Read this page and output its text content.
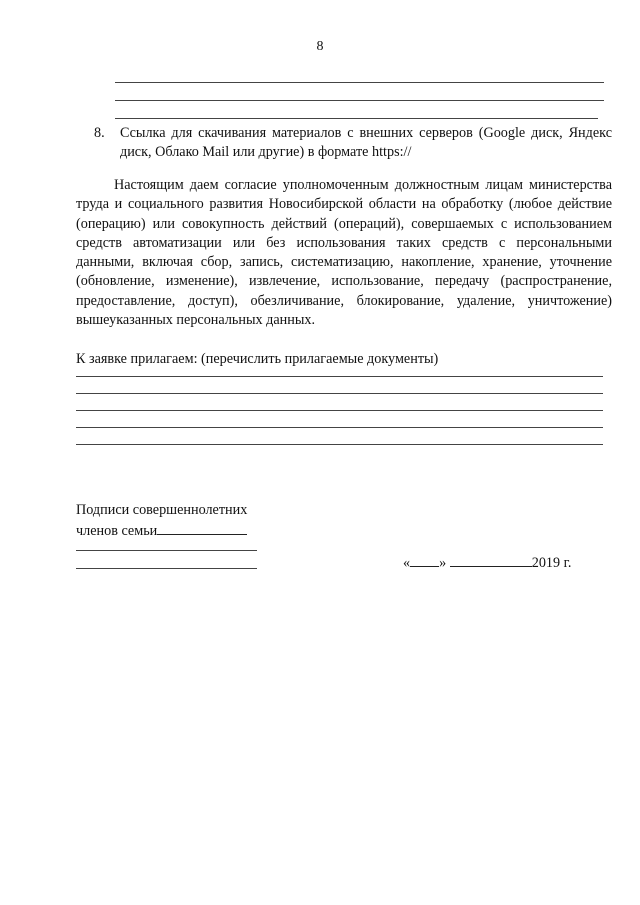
8
8. Ссылка для скачивания материалов с внешних серверов (Google диск, Яндекс диск, Облако Mail или другие) в формате https://
Настоящим даем согласие уполномоченным должностным лицам министерства труда и социального развития Новосибирской области на обработку (любое действие (операцию) или совокупность действий (операций), совершаемых с использованием средств автоматизации или без использования таких средств с персональными данными, включая сбор, запись, систематизацию, накопление, хранение, уточнение (обновление, изменение), извлечение, использование, передачу (распространение, предоставление, доступ), обезличивание, блокирование, удаление, уничтожение) вышеуказанных персональных данных.
К заявке прилагаем: (перечислить прилагаемые документы)
Подписи совершеннолетних
членов семьи
« »	2019 г.
